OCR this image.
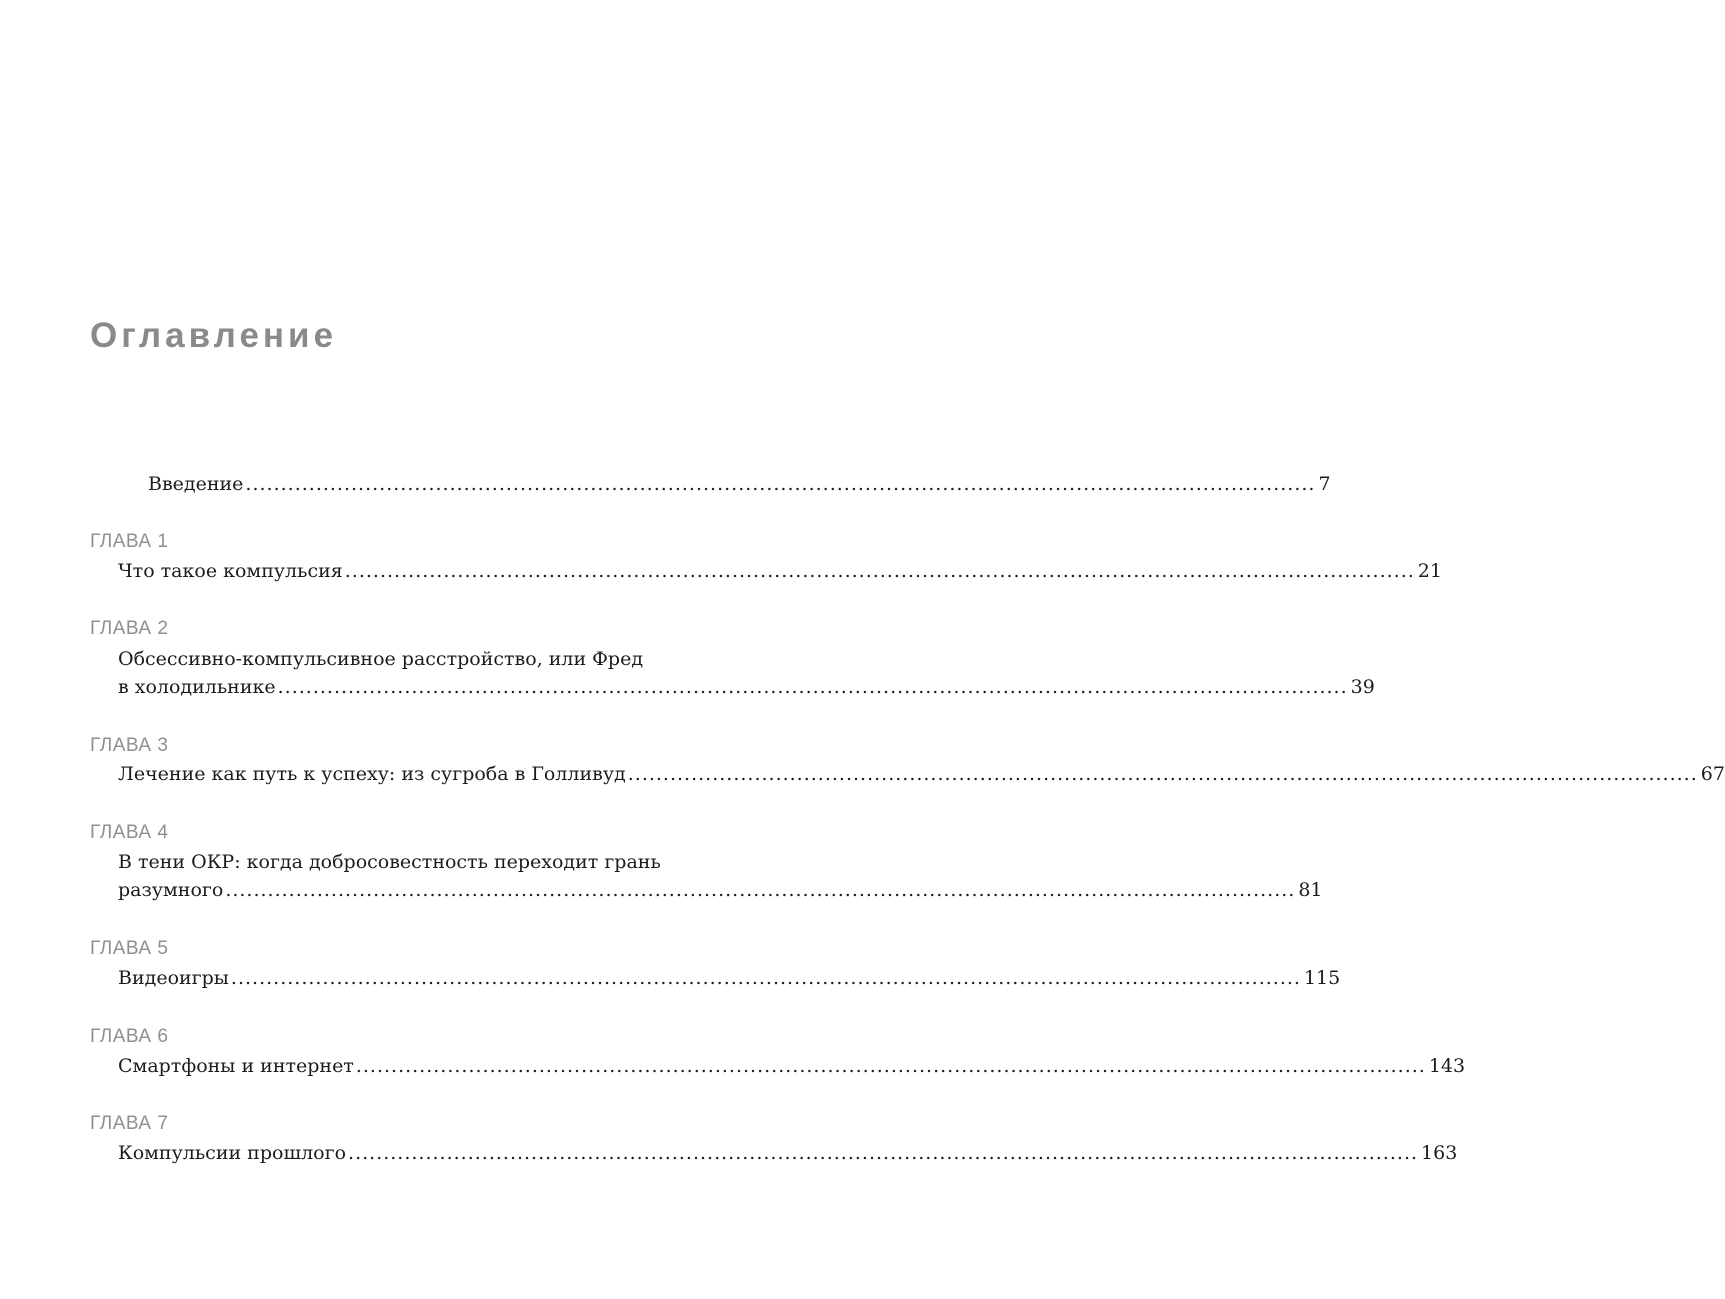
Оглавление
Введение ........................................................................................................................................................ 7
ГЛАВА 1
Что такое компульсия ........................................................................................................................................................ 21
ГЛАВА 2
Обсессивно-компульсивное расстройство, или Фред
в холодильнике ........................................................................................................................................................ 39
ГЛАВА 3
Лечение как путь к успеху: из сугроба в Голливуд ........................................................................................................................................................ 67
ГЛАВА 4
В тени ОКР: когда добросовестность переходит грань
разумного ........................................................................................................................................................ 81
ГЛАВА 5
Видеоигры ........................................................................................................................................................ 115
ГЛАВА 6
Смартфоны и интернет ........................................................................................................................................................ 143
ГЛАВА 7
Компульсии прошлого ........................................................................................................................................................ 163
